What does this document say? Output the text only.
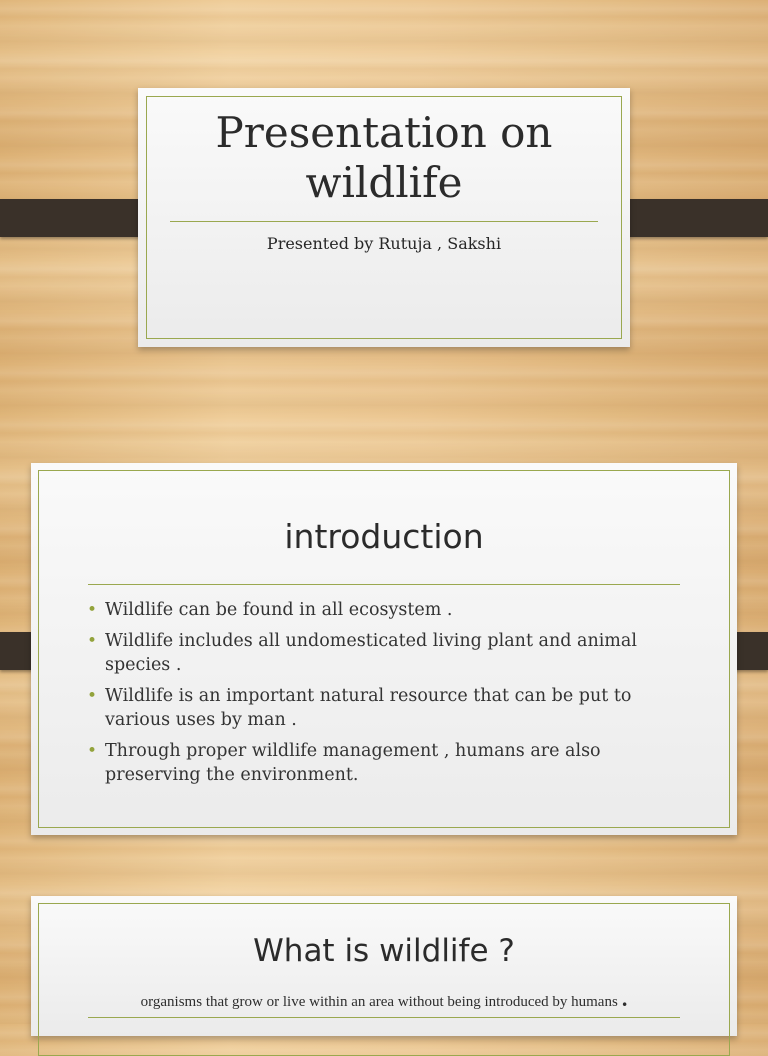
Presentation on wildlife
Presented by Rutuja , Sakshi
introduction
• Wildlife can be found in all ecosystem .
• Wildlife includes all undomesticated living plant and animal species .
• Wildlife is an important natural resource that can be put to various uses by man .
• Through proper wildlife management , humans are also preserving the environment.
What is wildlife ?
organisms that grow or live within an area without being introduced by humans .
